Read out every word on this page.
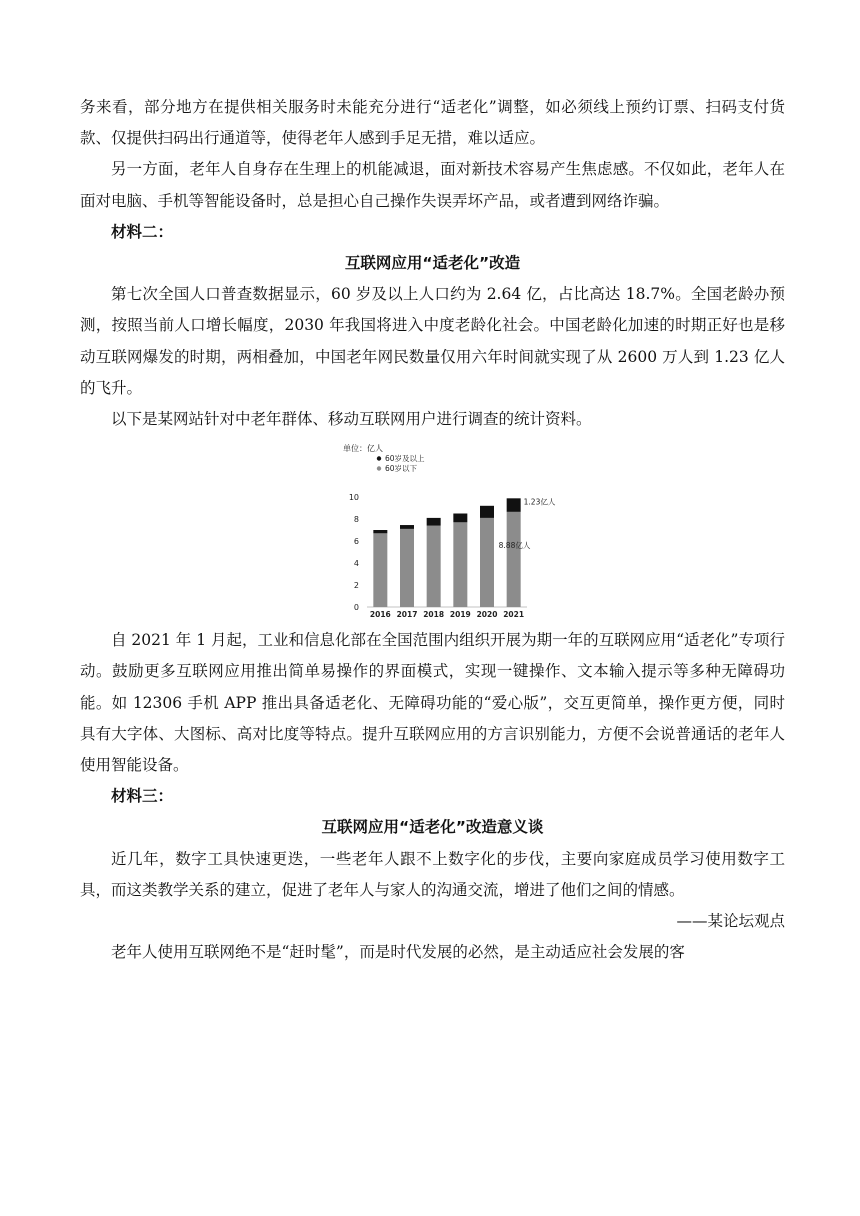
务来看，部分地方在提供相关服务时未能充分进行“适老化”调整，如必须线上预约订票、扫码支付货款、仅提供扫码出行通道等，使得老年人感到手足无措，难以适应。

另一方面，老年人自身存在生理上的机能减退，面对新技术容易产生焦虑感。不仅如此，老年人在面对电脑、手机等智能设备时，总是担心自己操作失误弄坏产品，或者遭到网络诈骗。

材料二：

互联网应用“适老化”改造

第七次全国人口普查数据显示，60 岁及以上人口约为 2.64 亿，占比高达 18.7%。全国老龄办预测，按照当前人口增长幅度，2030 年我国将进入中度老龄化社会。中国老龄化加速的时期正好也是移动互联网爆发的时期，两相叠加，中国老年网民数量仅用六年时间就实现了从 2600 万人到 1.23 亿人的飞升。

以下是某网站针对中老年群体、移动互联网用户进行调查的统计资料。

单位：亿人
60岁及以上
60岁以下
0
2
4
6
8
10
2016 2017 2018 2019 2020 2021
1.23亿人
8.88亿人

自 2021 年 1 月起，工业和信息化部在全国范围内组织开展为期一年的互联网应用“适老化”专项行动。鼓励更多互联网应用推出简单易操作的界面模式，实现一键操作、文本输入提示等多种无障碍功能。如 12306 手机 APP 推出具备适老化、无障碍功能的“爱心版”，交互更简单，操作更方便，同时具有大字体、大图标、高对比度等特点。提升互联网应用的方言识别能力，方便不会说普通话的老年人使用智能设备。

材料三：

互联网应用“适老化”改造意义谈

近几年，数字工具快速更迭，一些老年人跟不上数字化的步伐，主要向家庭成员学习使用数字工具，而这类教学关系的建立，促进了老年人与家人的沟通交流，增进了他们之间的情感。

——某论坛观点

老年人使用互联网绝不是“赶时髦”，而是时代发展的必然，是主动适应社会发展的客
